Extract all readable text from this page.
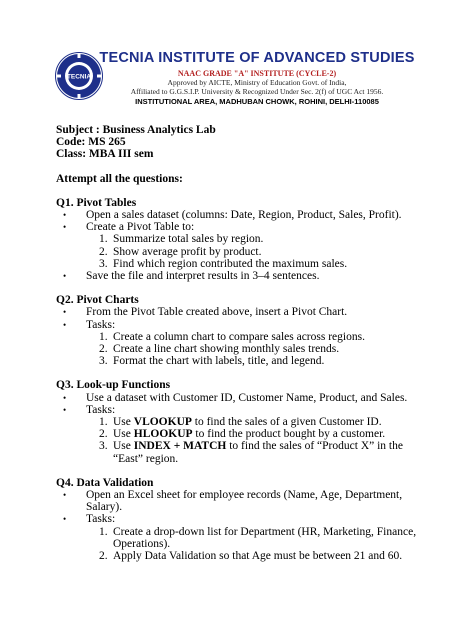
TECNIA
TECNIA INSTITUTE OF ADVANCED STUDIES
NAAC GRADE "A" INSTITUTE (CYCLE-2)
Approved by AICTE, Ministry of Education Govt. of India,
Affiliated to G.G.S.I.P. University & Recognized Under Sec. 2(f) of UGC Act 1956.
INSTITUTIONAL AREA, MADHUBAN CHOWK, ROHINI, DELHI-110085
Subject : Business Analytics Lab
Code: MS 265
Class: MBA III sem
Attempt all the questions:
Q1. Pivot Tables
• Open a sales dataset (columns: Date, Region, Product, Sales, Profit).
• Create a Pivot Table to:
1. Summarize total sales by region.
2. Show average profit by product.
3. Find which region contributed the maximum sales.
• Save the file and interpret results in 3–4 sentences.
Q2. Pivot Charts
• From the Pivot Table created above, insert a Pivot Chart.
• Tasks:
1. Create a column chart to compare sales across regions.
2. Create a line chart showing monthly sales trends.
3. Format the chart with labels, title, and legend.
Q3. Look-up Functions
• Use a dataset with Customer ID, Customer Name, Product, and Sales.
• Tasks:
1. Use VLOOKUP to find the sales of a given Customer ID.
2. Use HLOOKUP to find the product bought by a customer.
3. Use INDEX + MATCH to find the sales of “Product X” in the
“East” region.
Q4. Data Validation
• Open an Excel sheet for employee records (Name, Age, Department,
Salary).
• Tasks:
1. Create a drop-down list for Department (HR, Marketing, Finance,
Operations).
2. Apply Data Validation so that Age must be between 21 and 60.
